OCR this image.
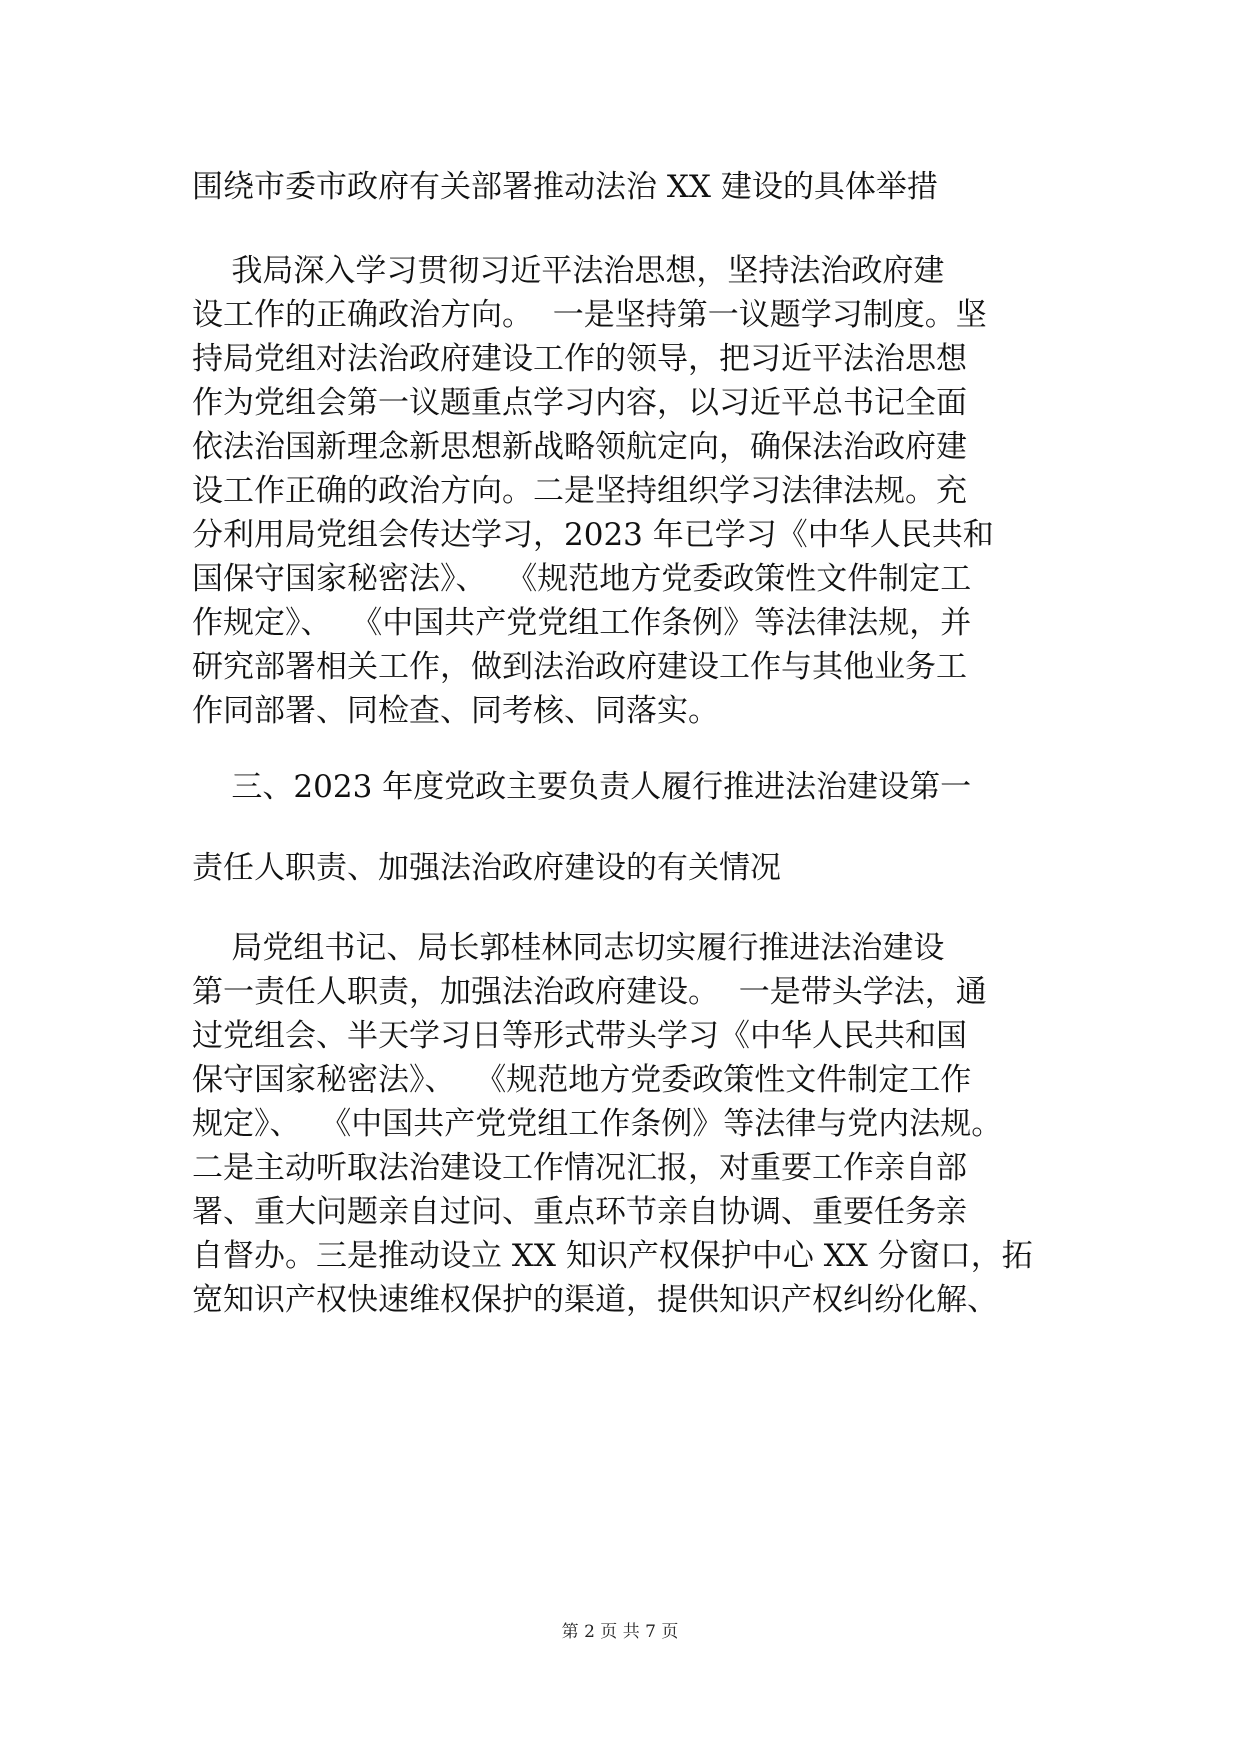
围绕市委市政府有关部署推动法治 XX 建设的具体举措

我局深入学习贯彻习近平法治思想，坚持法治政府建

设工作的正确政治方向。  一是坚持第一议题学习制度。坚

持局党组对法治政府建设工作的领导，把习近平法治思想

作为党组会第一议题重点学习内容，以习近平总书记全面

依法治国新理念新思想新战略领航定向，确保法治政府建

设工作正确的政治方向。二是坚持组织学习法律法规。充

分利用局党组会传达学习，2023 年已学习《中华人民共和

国保守国家秘密法》、  《规范地方党委政策性文件制定工

作规定》、  《中国共产党党组工作条例》等法律法规，并

研究部署相关工作，做到法治政府建设工作与其他业务工

作同部署、同检查、同考核、同落实。

三、2023 年度党政主要负责人履行推进法治建设第一

责任人职责、加强法治政府建设的有关情况

局党组书记、局长郭桂林同志切实履行推进法治建设

第一责任人职责，加强法治政府建设。  一是带头学法，通

过党组会、半天学习日等形式带头学习《中华人民共和国

保守国家秘密法》、  《规范地方党委政策性文件制定工作

规定》、  《中国共产党党组工作条例》等法律与党内法规。

二是主动听取法治建设工作情况汇报，对重要工作亲自部

署、重大问题亲自过问、重点环节亲自协调、重要任务亲

自督办。三是推动设立 XX 知识产权保护中心 XX 分窗口，拓

宽知识产权快速维权保护的渠道，提供知识产权纠纷化解、

第 2 页 共 7 页
